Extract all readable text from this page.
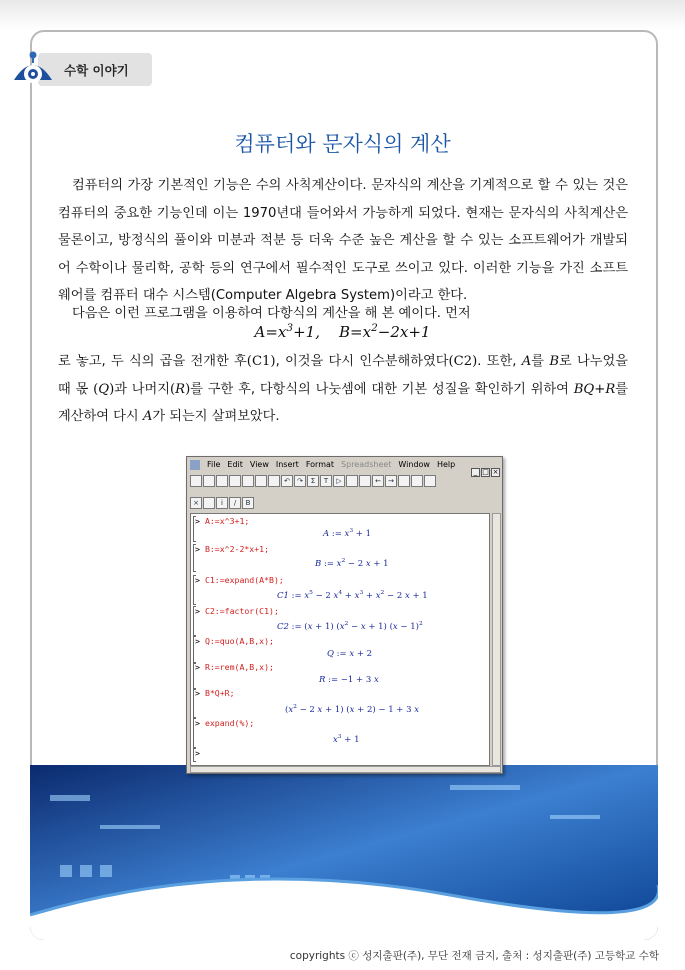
수학 이야기
컴퓨터와 문자식의 계산
컴퓨터의 가장 기본적인 기능은 수의 사칙계산이다. 문자식의 계산을 기계적으로 할 수 있는 것은 컴퓨터의 중요한 기능인데 이는 1970년대 들어와서 가능하게 되었다. 현재는 문자식의 사칙계산은 물론이고, 방정식의 풀이와 미분과 적분 등 더욱 수준 높은 계산을 할 수 있는 소프트웨어가 개발되어 수학이나 물리학, 공학 등의 연구에서 필수적인 도구로 쓰이고 있다. 이러한 기능을 가진 소프트웨어를 컴퓨터 대수 시스템(Computer Algebra System)이라고 한다.
다음은 이런 프로그램을 이용하여 다항식의 계산을 해 본 예이다. 먼저
$A=x^3+1$,    $B=x^2-2x+1$
로 놓고, 두 식의 곱을 전개한 후(C1), 이것을 다시 인수분해하였다(C2). 또한, A를 B로 나누었을 때 몫 (Q)과 나머지(R)를 구한 후, 다항식의 나눗셈에 대한 기본 성질을 확인하기 위하여 BQ+R를 계산하여 다시 A가 되는지 살펴보았다.
File Edit View Insert Format Spreadsheet Window Help
_ □ ×
↶ ↷ Σ T ▷	← →
×	i / B
> A:=x^3+1;
A := $x^3 + 1$
> B:=x^2-2*x+1;
B := $x^2 - 2$ x + 1
> C1:=expand(A*B);
C1 := $x^5 - 2$ $x^4 + x^3 + x^2 - 2$ x + 1
> C2:=factor(C1);
C2 := (x + 1) $(x^2 - x + 1) (x - 1)^2$
> Q:=quo(A,B,x);
Q := x + 2
> R:=rem(A,B,x);
R := −1 + 3 x
> B*Q+R;
($x^2 - 2$ x + 1) (x + 2) − 1 + 3 x
> expand(%);
$x^3 + 1$
>
copyrights ⓒ 성지출판(주), 무단 전재 금지, 출처 : 성지출판(주) 고등학교 수학
